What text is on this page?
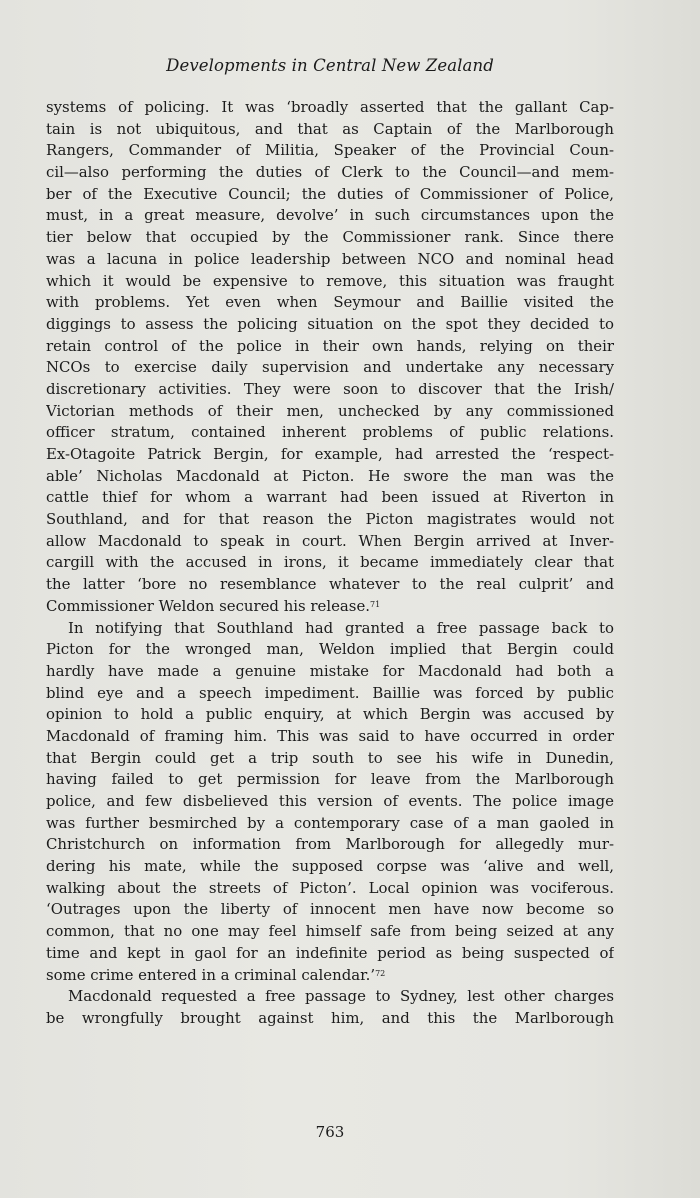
Developments in Central New Zealand
systems of policing. It was ‘broadly asserted that the gallant Cap-
tain is not ubiquitous, and that as Captain of the Marlborough
Rangers, Commander of Militia, Speaker of the Provincial Coun-
cil—also performing the duties of Clerk to the Council—and mem-
ber of the Executive Council; the duties of Commissioner of Police,
must, in a great measure, devolve’ in such circumstances upon the
tier below that occupied by the Commissioner rank. Since there
was a lacuna in police leadership between NCO and nominal head
which it would be expensive to remove, this situation was fraught
with problems. Yet even when Seymour and Baillie visited the
diggings to assess the policing situation on the spot they decided to
retain control of the police in their own hands, relying on their
NCOs to exercise daily supervision and undertake any necessary
discretionary activities. They were soon to discover that the Irish/
Victorian methods of their men, unchecked by any commissioned
officer stratum, contained inherent problems of public relations.
Ex-Otagoite Patrick Bergin, for example, had arrested the ‘respect-
able’ Nicholas Macdonald at Picton. He swore the man was the
cattle thief for whom a warrant had been issued at Riverton in
Southland, and for that reason the Picton magistrates would not
allow Macdonald to speak in court. When Bergin arrived at Inver-
cargill with the accused in irons, it became immediately clear that
the latter ‘bore no resemblance whatever to the real culprit’ and
Commissioner Weldon secured his release.$^{71}$
In notifying that Southland had granted a free passage back to
Picton for the wronged man, Weldon implied that Bergin could
hardly have made a genuine mistake for Macdonald had both a
blind eye and a speech impediment. Baillie was forced by public
opinion to hold a public enquiry, at which Bergin was accused by
Macdonald of framing him. This was said to have occurred in order
that Bergin could get a trip south to see his wife in Dunedin,
having failed to get permission for leave from the Marlborough
police, and few disbelieved this version of events. The police image
was further besmirched by a contemporary case of a man gaoled in
Christchurch on information from Marlborough for allegedly mur-
dering his mate, while the supposed corpse was ‘alive and well,
walking about the streets of Picton’. Local opinion was vociferous.
‘Outrages upon the liberty of innocent men have now become so
common, that no one may feel himself safe from being seized at any
time and kept in gaol for an indefinite period as being suspected of
some crime entered in a criminal calendar.’$^{72}$
Macdonald requested a free passage to Sydney, lest other charges
be wrongfully brought against him, and this the Marlborough
763
